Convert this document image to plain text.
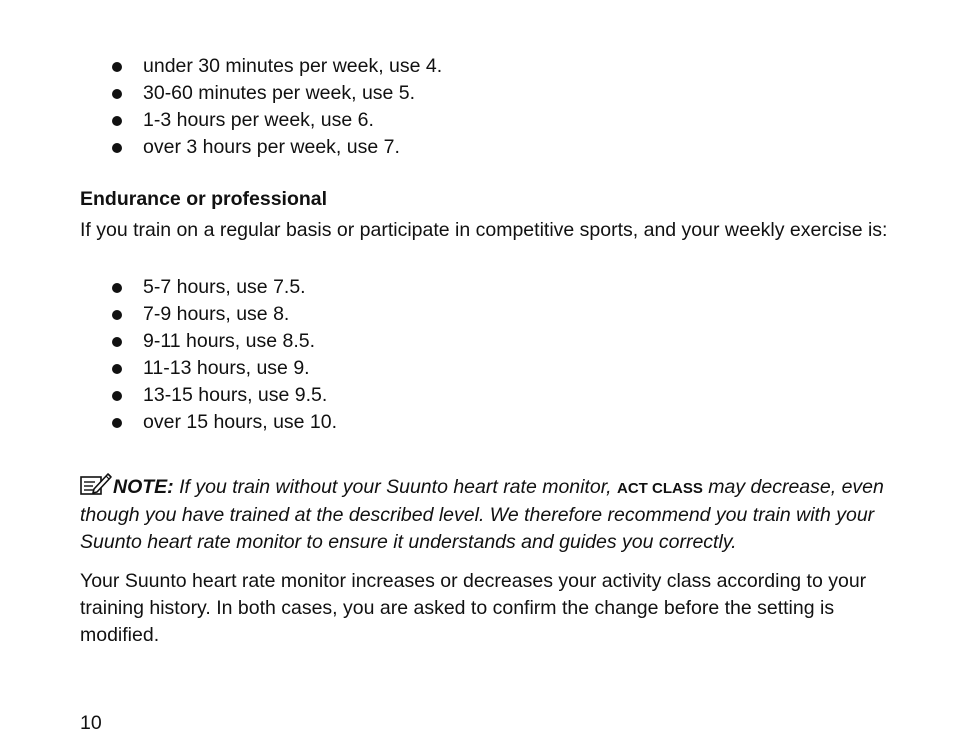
under 30 minutes per week, use 4.
30-60 minutes per week, use 5.
1-3 hours per week, use 6.
over 3 hours per week, use 7.
Endurance or professional

If you train on a regular basis or participate in competitive sports, and your weekly exercise is:

5-7 hours, use 7.5.
7-9 hours, use 8.
9-11 hours, use 8.5.
11-13 hours, use 9.
13-15 hours, use 9.5.
over 15 hours, use 10.

NOTE: If you train without your Suunto heart rate monitor, ACT CLASS may decrease, even though you have trained at the described level. We therefore recommend you train with your Suunto heart rate monitor to ensure it understands and guides you correctly.

Your Suunto heart rate monitor increases or decreases your activity class according to your training history. In both cases, you are asked to confirm the change before the setting is modified.

10
